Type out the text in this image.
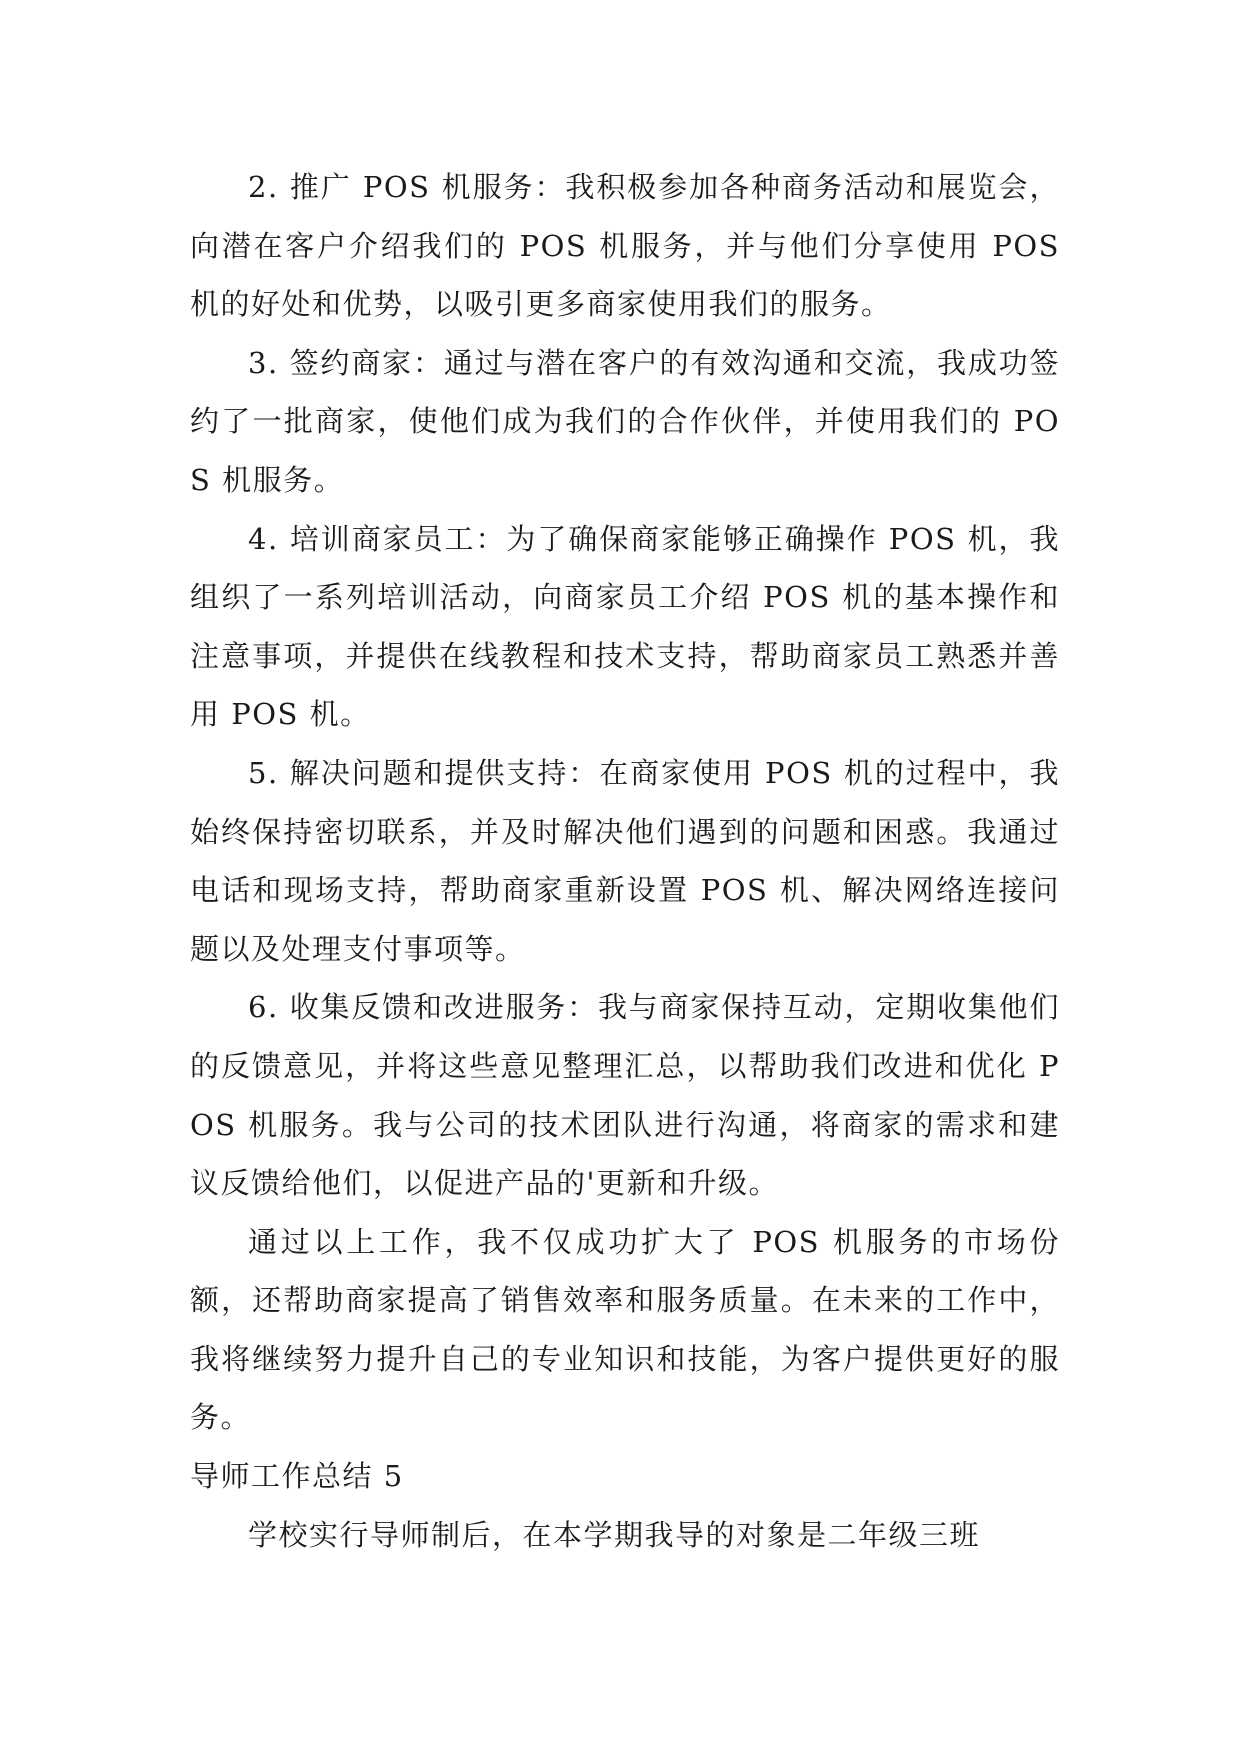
2. 推广 POS 机服务：我积极参加各种商务活动和展览会，向潜在客户介绍我们的 POS 机服务，并与他们分享使用 POS 机的好处和优势，以吸引更多商家使用我们的服务。

3. 签约商家：通过与潜在客户的有效沟通和交流，我成功签约了一批商家，使他们成为我们的合作伙伴，并使用我们的 POS 机服务。

4. 培训商家员工：为了确保商家能够正确操作 POS 机，我组织了一系列培训活动，向商家员工介绍 POS 机的基本操作和注意事项，并提供在线教程和技术支持，帮助商家员工熟悉并善用 POS 机。

5. 解决问题和提供支持：在商家使用 POS 机的过程中，我始终保持密切联系，并及时解决他们遇到的问题和困惑。我通过电话和现场支持，帮助商家重新设置 POS 机、解决网络连接问题以及处理支付事项等。

6. 收集反馈和改进服务：我与商家保持互动，定期收集他们的反馈意见，并将这些意见整理汇总，以帮助我们改进和优化 POS 机服务。我与公司的技术团队进行沟通，将商家的需求和建议反馈给他们，以促进产品的'更新和升级。

通过以上工作，我不仅成功扩大了 POS 机服务的市场份额，还帮助商家提高了销售效率和服务质量。在未来的工作中，我将继续努力提升自己的专业知识和技能，为客户提供更好的服务。

导师工作总结 5

学校实行导师制后，在本学期我导的对象是二年级三班
